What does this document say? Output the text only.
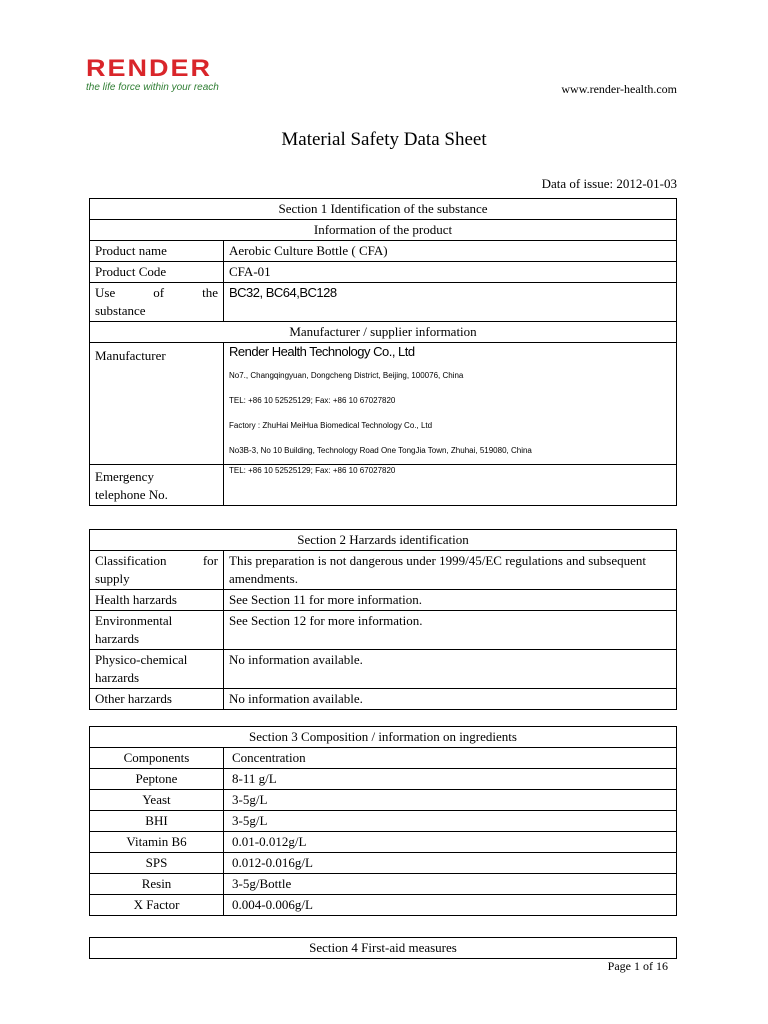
RENDER
the life force within your reach	www.render-health.com
Material Safety Data Sheet
Data of issue: 2012-01-03
Section 1 Identification of the substance	
Information of the product	
Product name	Aerobic Culture Bottle ( CFA)
Product Code	CFA-01

Use of the
substance	BC32, BC64,BC128
Manufacturer / supplier information	
Manufacturer	Render Health Technology Co., Ltd
No7., Changqingyuan, Dongcheng District, Beijing, 100076, China
TEL: +86 10 52525129; Fax: +86 10 67027820
Factory : ZhuHai MeiHua Biomedical Technology Co., Ltd
No3B-3, No 10 Building, Technology Road One TongJia Town, Zhuhai, 519080, China

Emergency
telephone No.	TEL: +86 10 52525129; Fax: +86 10 67027820
Section 2 Harzards identification	

Classification for
supply	This preparation is not dangerous under 1999/45/EC regulations and subsequent amendments.
Health harzards	See Section 11 for more information.

Environmental
harzards	See Section 12 for more information.

Physico-chemical
harzards	No information available.
Other harzards	No information available.
Section 3 Composition / information on ingredients	
Components	Concentration
Peptone	8-11 g/L
Yeast	3-5g/L
BHI	3-5g/L
Vitamin B6	0.01-0.012g/L
SPS	0.012-0.016g/L
Resin	3-5g/Bottle
X Factor	0.004-0.006g/L
Section 4 First-aid measures
Page 1 of 16
